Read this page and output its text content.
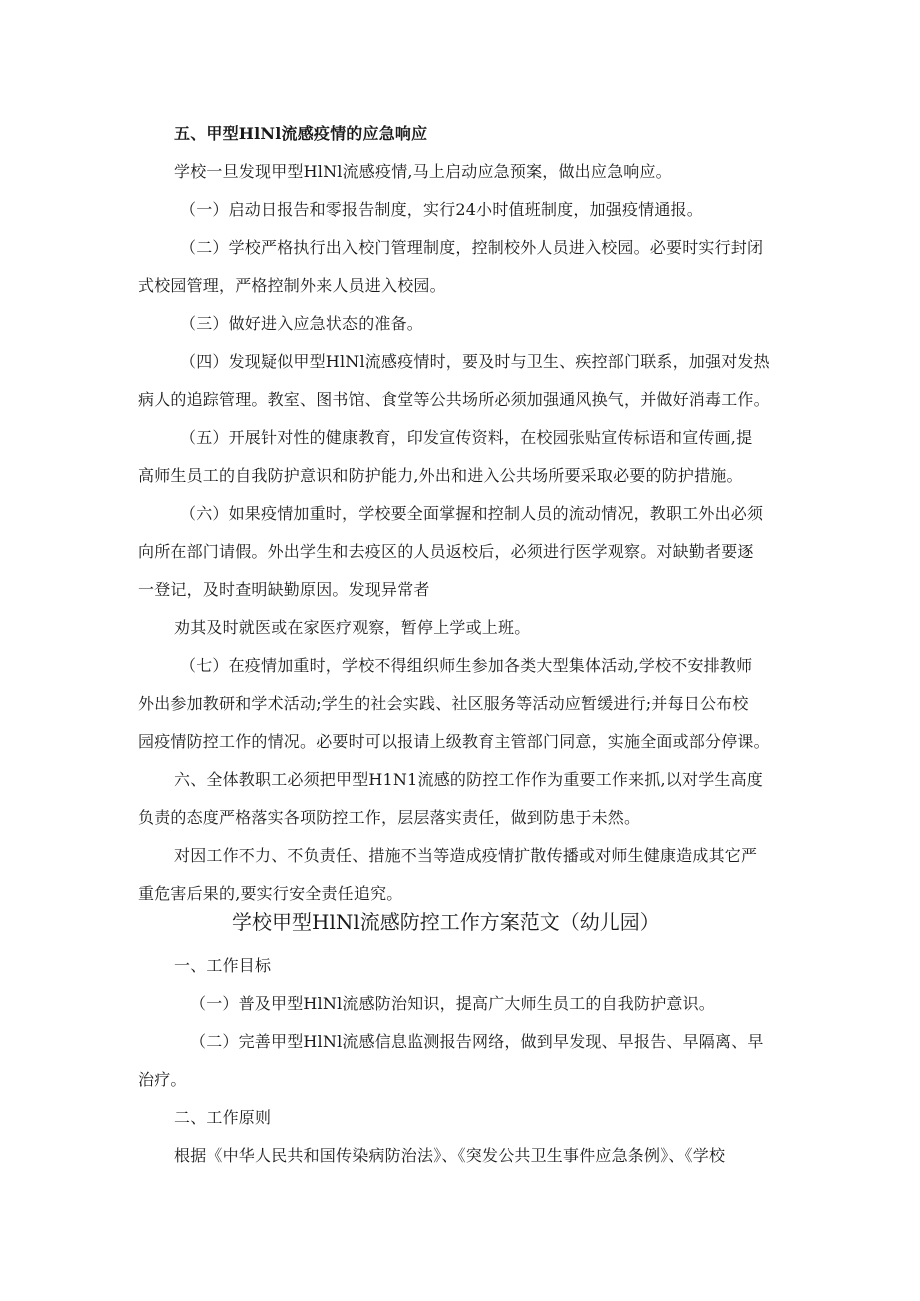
五、甲型HlNl流感疫情的应急响应
学校一旦发现甲型HlNl流感疫情,马上启动应急预案，做出应急响应。
（一）启动日报告和零报告制度，实行24小时值班制度，加强疫情通报。
（二）学校严格执行出入校门管理制度，控制校外人员进入校园。必要时实行封闭
式校园管理，严格控制外来人员进入校园。
（三）做好进入应急状态的准备。
（四）发现疑似甲型HlNl流感疫情时，要及时与卫生、疾控部门联系，加强对发热
病人的追踪管理。教室、图书馆、食堂等公共场所必须加强通风换气，并做好消毒工作。
（五）开展针对性的健康教育，印发宣传资料，在校园张贴宣传标语和宣传画,提
高师生员工的自我防护意识和防护能力,外出和进入公共场所要采取必要的防护措施。
（六）如果疫情加重时，学校要全面掌握和控制人员的流动情况，教职工外出必须
向所在部门请假。外出学生和去疫区的人员返校后，必须进行医学观察。对缺勤者要逐
一登记，及时查明缺勤原因。发现异常者
劝其及时就医或在家医疗观察，暂停上学或上班。
（七）在疫情加重时，学校不得组织师生参加各类大型集体活动,学校不安排教师
外出参加教研和学术活动;学生的社会实践、社区服务等活动应暂缓进行;并每日公布校
园疫情防控工作的情况。必要时可以报请上级教育主管部门同意，实施全面或部分停课。
六、全体教职工必须把甲型H1N1流感的防控工作作为重要工作来抓,以对学生高度
负责的态度严格落实各项防控工作，层层落实责任，做到防患于未然。
对因工作不力、不负责任、措施不当等造成疫情扩散传播或对师生健康造成其它严
重危害后果的,要实行安全责任追究。
学校甲型HlNl流感防控工作方案范文（幼儿园）
一、工作目标
（一）普及甲型HlNl流感防治知识，提高广大师生员工的自我防护意识。
（二）完善甲型HlNl流感信息监测报告网络，做到早发现、早报告、早隔离、早
治疗。
二、工作原则
根据《中华人民共和国传染病防治法》、《突发公共卫生事件应急条例》、《学校
